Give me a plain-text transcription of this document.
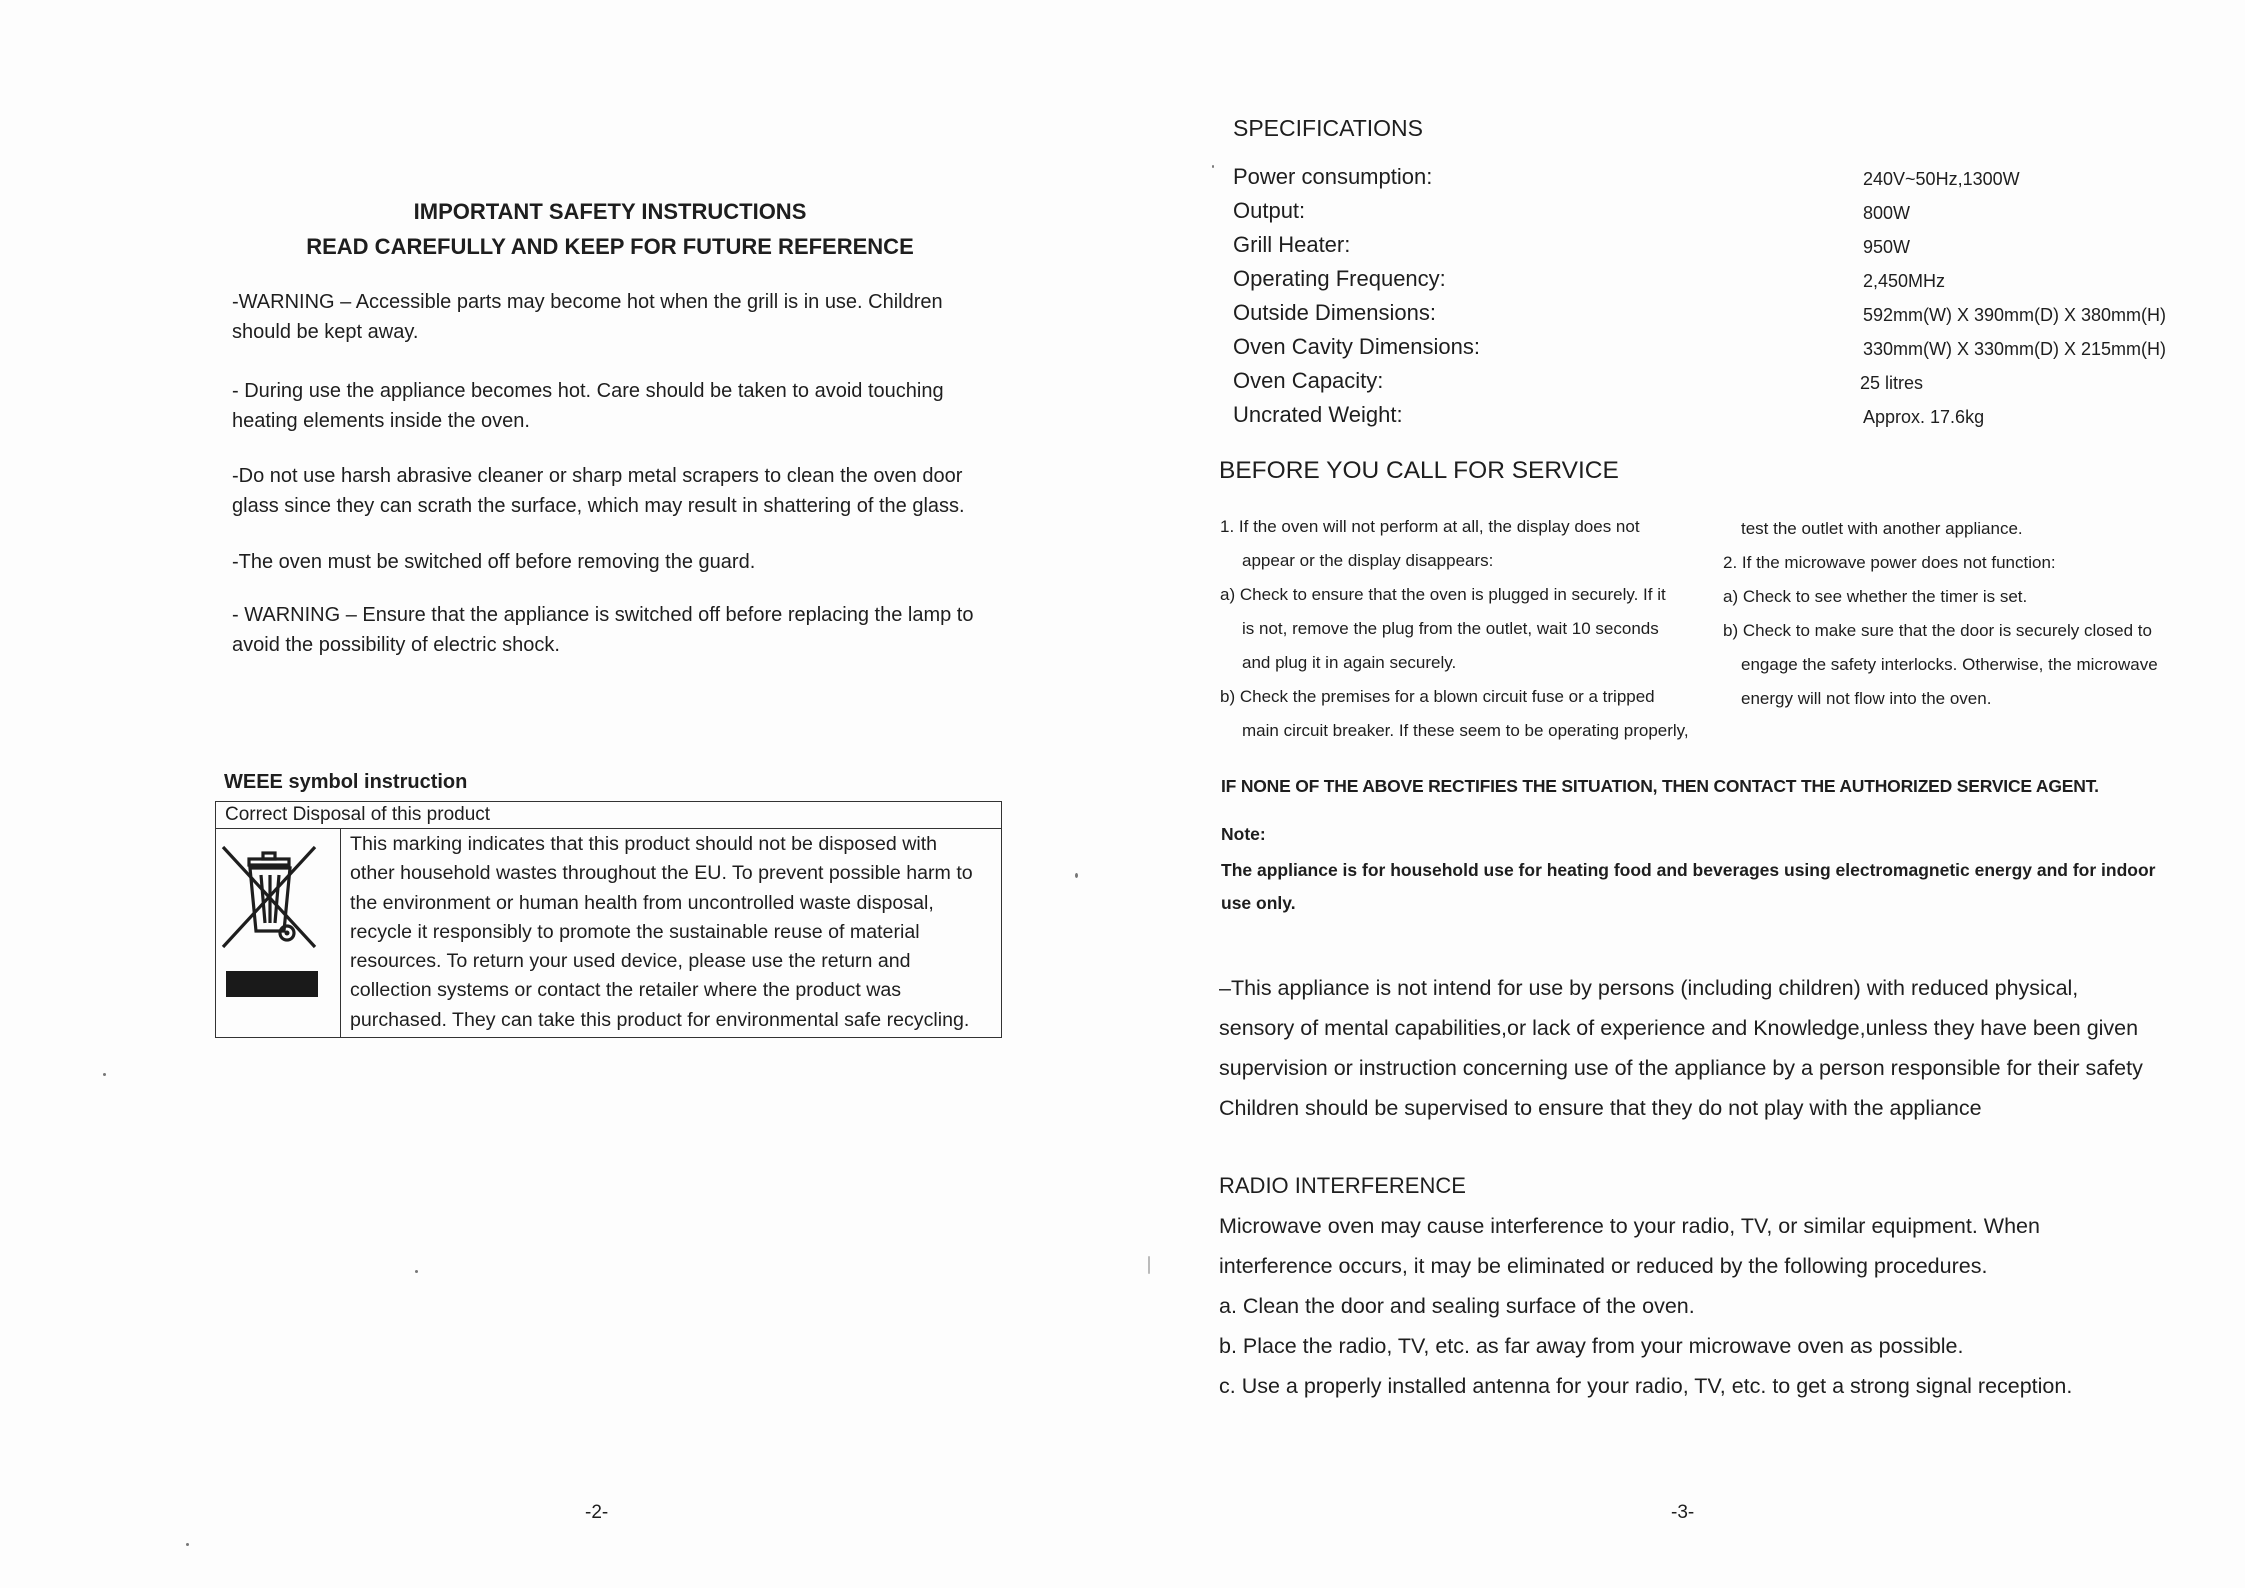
IMPORTANT SAFETY INSTRUCTIONS
READ CAREFULLY AND KEEP FOR FUTURE REFERENCE
-WARNING – Accessible parts may become hot when the grill is in use. Children
should be kept away.
- During use the appliance becomes hot. Care should be taken to avoid touching
heating elements inside the oven.
-Do not use harsh abrasive cleaner or sharp metal scrapers to clean the oven door
glass since they can scrath the surface, which may result in shattering of the glass.
-The oven must be switched off before removing the guard.
- WARNING – Ensure that the appliance is switched off before replacing the lamp to
avoid the possibility of electric shock.
WEEE symbol instruction
Correct Disposal of this product
This marking indicates that this product should not be disposed with
other household wastes throughout the EU. To prevent possible harm to
the environment or human health from uncontrolled waste disposal,
recycle it responsibly to promote the sustainable reuse of material
resources. To return your used device, please use the return and
collection systems or contact the retailer where the product was
purchased. They can take this product for environmental safe recycling.
-2-
SPECIFICATIONS
Power consumption:	240V~50Hz,1300W
Output:	800W
Grill Heater:	950W
Operating Frequency:	2,450MHz
Outside Dimensions:	592mm(W) X 390mm(D) X 380mm(H)
Oven Cavity Dimensions:	330mm(W) X 330mm(D) X 215mm(H)
Oven Capacity:	25 litres
Uncrated Weight:	Approx. 17.6kg
BEFORE YOU CALL FOR SERVICE
1. If the oven will not perform at all, the display does not
appear or the display disappears:
a) Check to ensure that the oven is plugged in securely. If it
is not, remove the plug from the outlet, wait 10 seconds
and plug it in again securely.
b) Check the premises for a blown circuit fuse or a tripped
main circuit breaker. If these seem to be operating properly,
test the outlet with another appliance.
2. If the microwave power does not function:
a) Check to see whether the timer is set.
b) Check to make sure that the door is securely closed to
engage the safety interlocks. Otherwise, the microwave
energy will not flow into the oven.
IF NONE OF THE ABOVE RECTIFIES THE SITUATION, THEN CONTACT THE AUTHORIZED SERVICE AGENT.
Note:
The appliance is for household use for heating food and beverages using electromagnetic energy and for indoor
use only.
–This appliance is not intend for use by persons (including children) with reduced physical,
sensory of mental capabilities,or lack of experience and Knowledge,unless they have been given
supervision or instruction concerning use of the appliance by a person responsible for their safety
Children should be supervised to ensure that they do not play with the appliance
RADIO INTERFERENCE
Microwave oven may cause interference to your radio, TV, or similar equipment. When
interference occurs, it may be eliminated or reduced by the following procedures.
a. Clean the door and sealing surface of the oven.
b. Place the radio, TV, etc. as far away from your microwave oven as possible.
c. Use a properly installed antenna for your radio, TV, etc. to get a strong signal reception.
-3-
